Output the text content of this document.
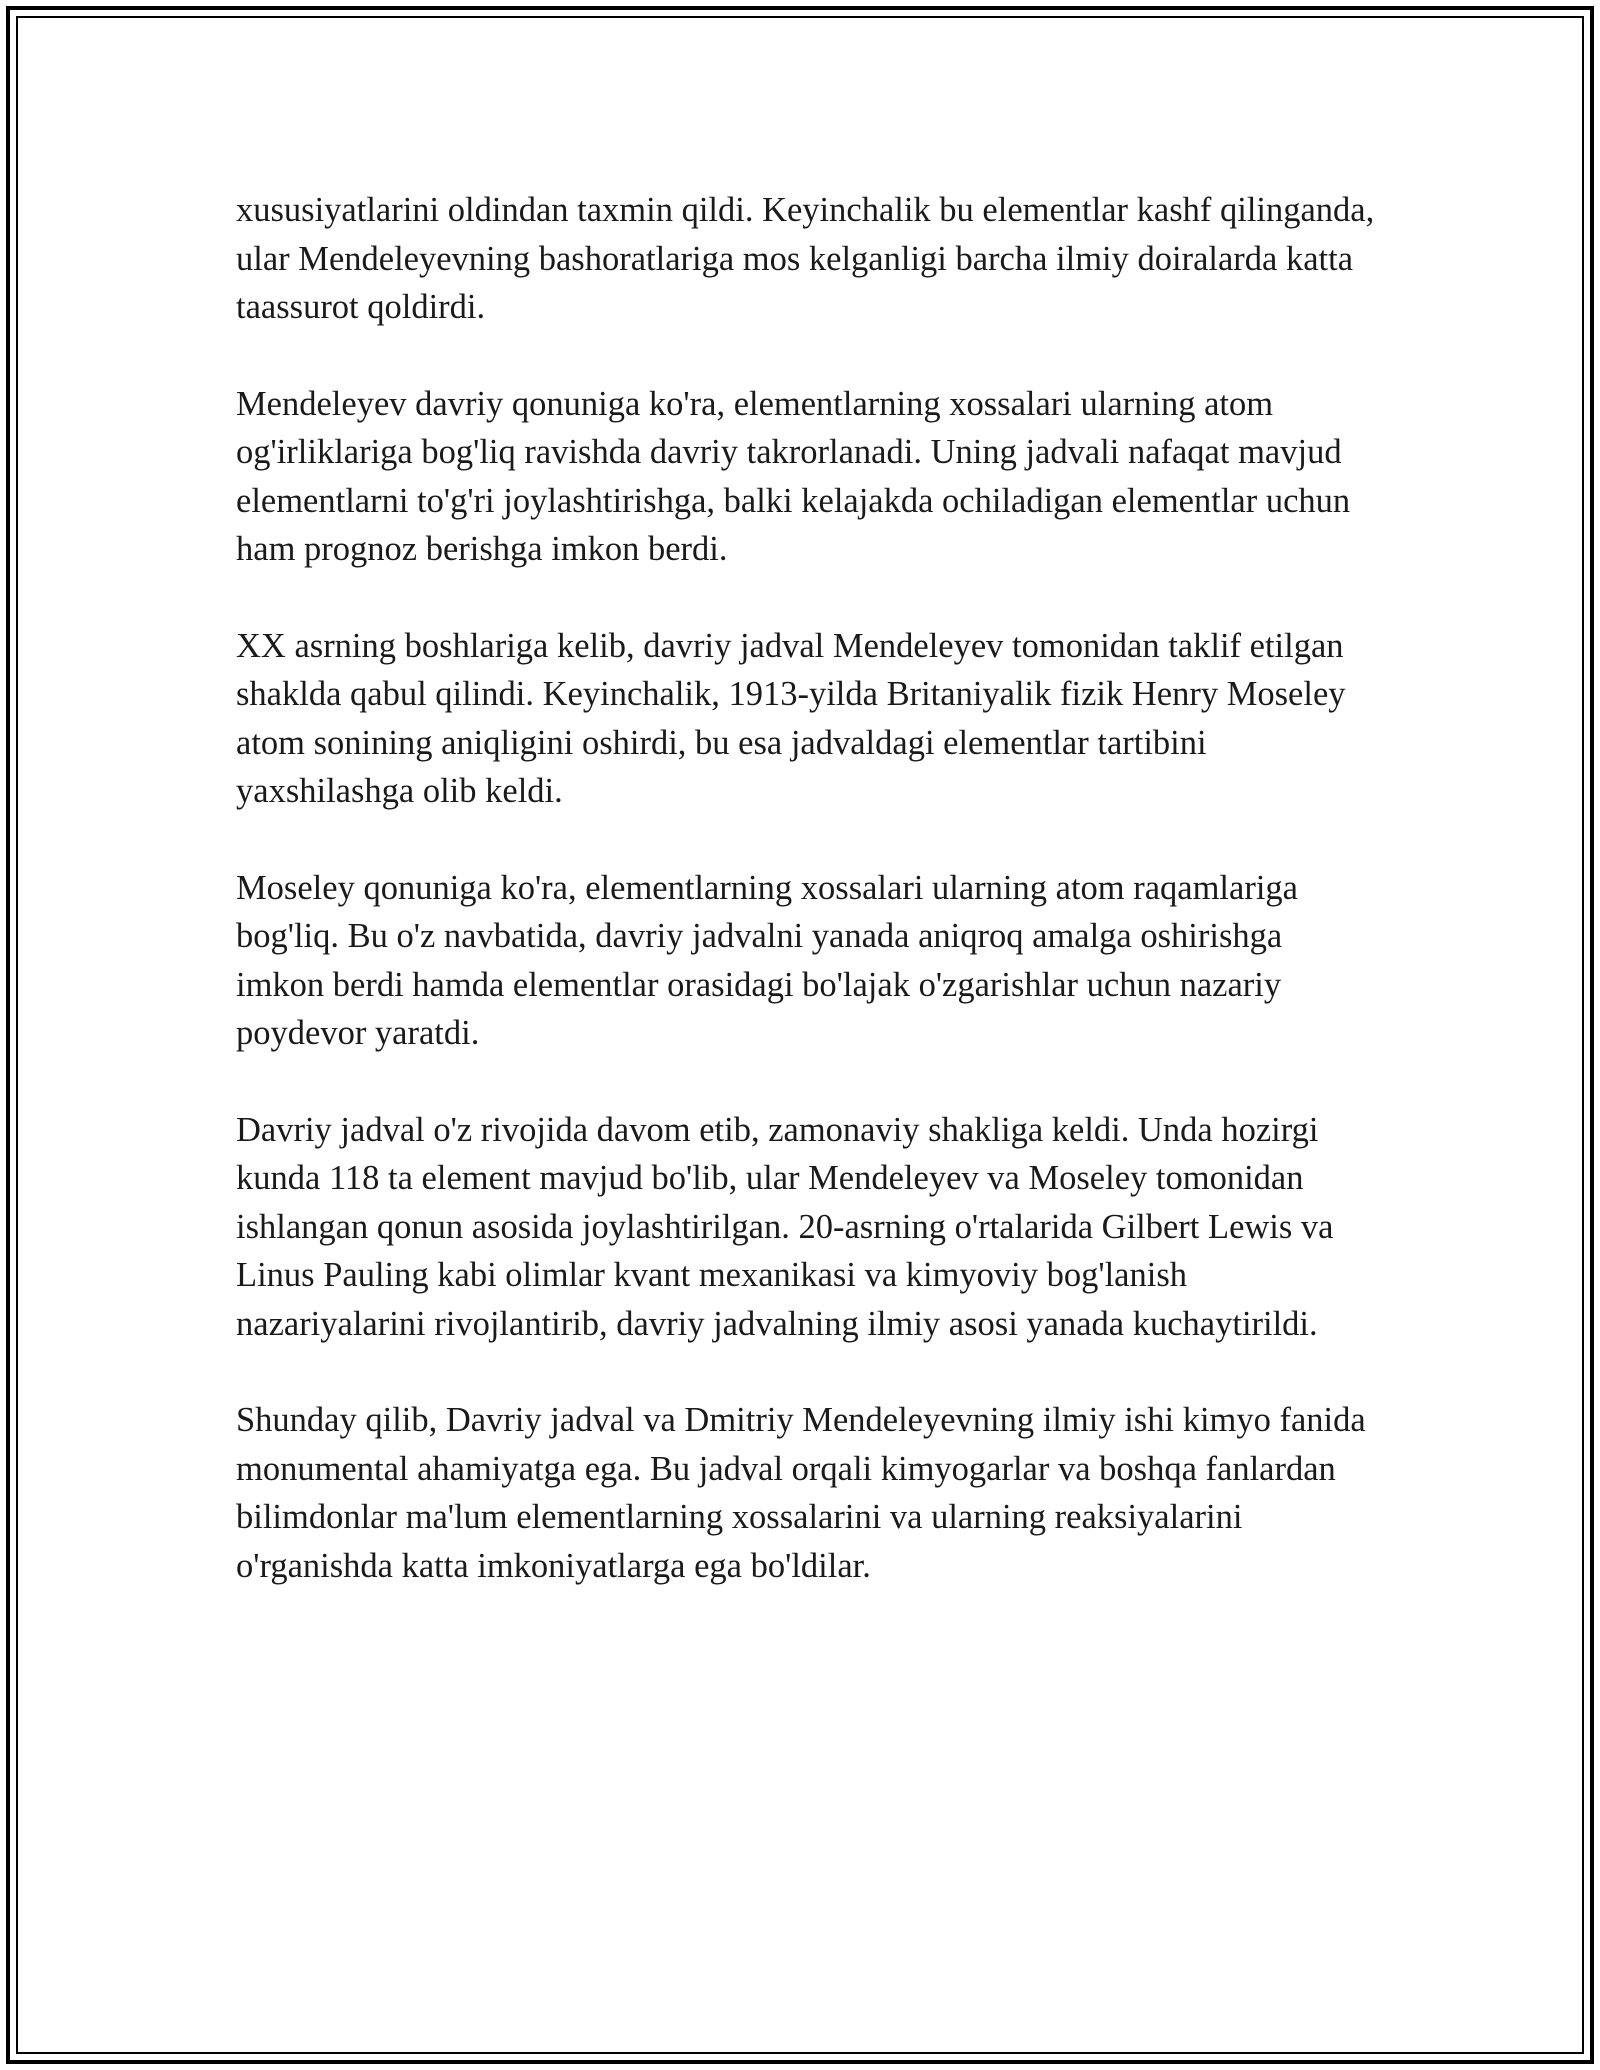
xususiyatlarini oldindan taxmin qildi. Keyinchalik bu elementlar kashf qilinganda, ular Mendeleyevning bashoratlariga mos kelganligi barcha ilmiy doiralarda katta taassurot qoldirdi.

Mendeleyev davriy qonuniga ko'ra, elementlarning xossalari ularning atom og'irliklariga bog'liq ravishda davriy takrorlanadi. Uning jadvali nafaqat mavjud elementlarni to'g'ri joylashtirishga, balki kelajakda ochiladigan elementlar uchun ham prognoz berishga imkon berdi.

XX asrning boshlariga kelib, davriy jadval Mendeleyev tomonidan taklif etilgan shaklda qabul qilindi. Keyinchalik, 1913-yilda Britaniyalik fizik Henry Moseley atom sonining aniqligini oshirdi, bu esa jadvaldagi elementlar tartibini yaxshilashga olib keldi.

Moseley qonuniga ko'ra, elementlarning xossalari ularning atom raqamlariga bog'liq. Bu o'z navbatida, davriy jadvalni yanada aniqroq amalga oshirishga imkon berdi hamda elementlar orasidagi bo'lajak o'zgarishlar uchun nazariy poydevor yaratdi.

Davriy jadval o'z rivojida davom etib, zamonaviy shakliga keldi. Unda hozirgi kunda 118 ta element mavjud bo'lib, ular Mendeleyev va Moseley tomonidan ishlangan qonun asosida joylashtirilgan. 20-asrning o'rtalarida Gilbert Lewis va Linus Pauling kabi olimlar kvant mexanikasi va kimyoviy bog'lanish nazariyalarini rivojlantirib, davriy jadvalning ilmiy asosi yanada kuchaytirildi.

Shunday qilib, Davriy jadval va Dmitriy Mendeleyevning ilmiy ishi kimyo fanida monumental ahamiyatga ega. Bu jadval orqali kimyogarlar va boshqa fanlardan bilimdonlar ma'lum elementlarning xossalarini va ularning reaksiyalarini o'rganishda katta imkoniyatlarga ega bo'ldilar.
